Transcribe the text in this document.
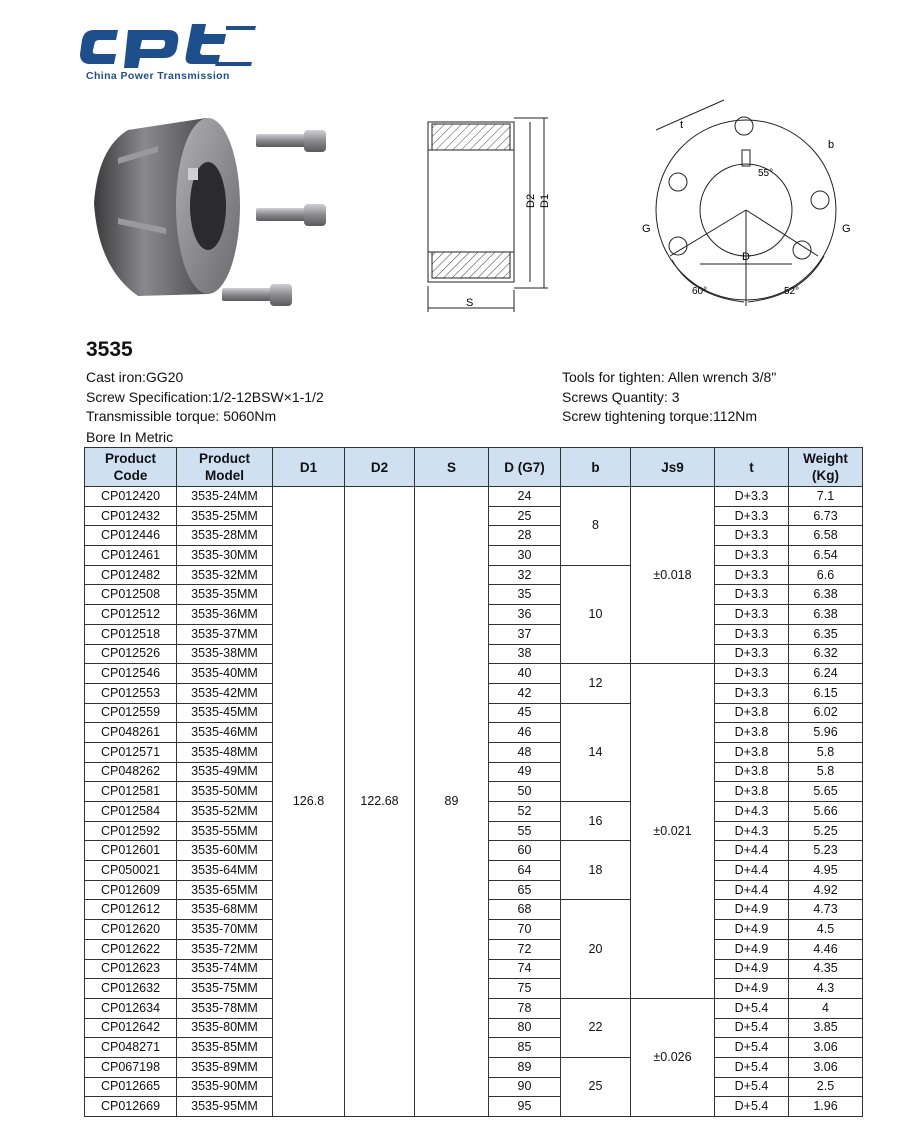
China Power Transmission
D2 D1
S
t
b
55°
60°	52°
G	G
D
3535
Cast iron:GG20
Screw Specification:1/2-12BSW×1-1/2
Transmissible torque: 5060Nm
Tools for tighten: Allen wrench 3/8"
Screws Quantity: 3
Screw tightening torque:112Nm
Bore In Metric
Product
Code	Product
Model	D1	D2	S	D (G7)	b	Js9	t	Weight
(Kg)
CP012420	3535-24MM	126.8	122.68	89	24	8	±0.018	D+3.3	7.1
CP012432	3535-25MM				25			D+3.3	6.73
CP012446	3535-28MM				28			D+3.3	6.58
CP012461	3535-30MM				30			D+3.3	6.54
CP012482	3535-32MM				32	10		D+3.3	6.6
CP012508	3535-35MM				35			D+3.3	6.38
CP012512	3535-36MM				36			D+3.3	6.38
CP012518	3535-37MM				37			D+3.3	6.35
CP012526	3535-38MM				38			D+3.3	6.32
CP012546	3535-40MM				40	12	±0.021	D+3.3	6.24
CP012553	3535-42MM				42			D+3.3	6.15
CP012559	3535-45MM				45	14		D+3.8	6.02
CP048261	3535-46MM				46			D+3.8	5.96
CP012571	3535-48MM				48			D+3.8	5.8
CP048262	3535-49MM				49			D+3.8	5.8
CP012581	3535-50MM				50			D+3.8	5.65
CP012584	3535-52MM				52	16		D+4.3	5.66
CP012592	3535-55MM				55			D+4.3	5.25
CP012601	3535-60MM				60	18		D+4.4	5.23
CP050021	3535-64MM				64			D+4.4	4.95
CP012609	3535-65MM				65			D+4.4	4.92
CP012612	3535-68MM				68	20		D+4.9	4.73
CP012620	3535-70MM				70			D+4.9	4.5
CP012622	3535-72MM				72			D+4.9	4.46
CP012623	3535-74MM				74			D+4.9	4.35
CP012632	3535-75MM				75			D+4.9	4.3
CP012634	3535-78MM				78	22	±0.026	D+5.4	4
CP012642	3535-80MM				80			D+5.4	3.85
CP048271	3535-85MM				85			D+5.4	3.06
CP067198	3535-89MM				89	25		D+5.4	3.06
CP012665	3535-90MM				90			D+5.4	2.5
CP012669	3535-95MM				95			D+5.4	1.96
